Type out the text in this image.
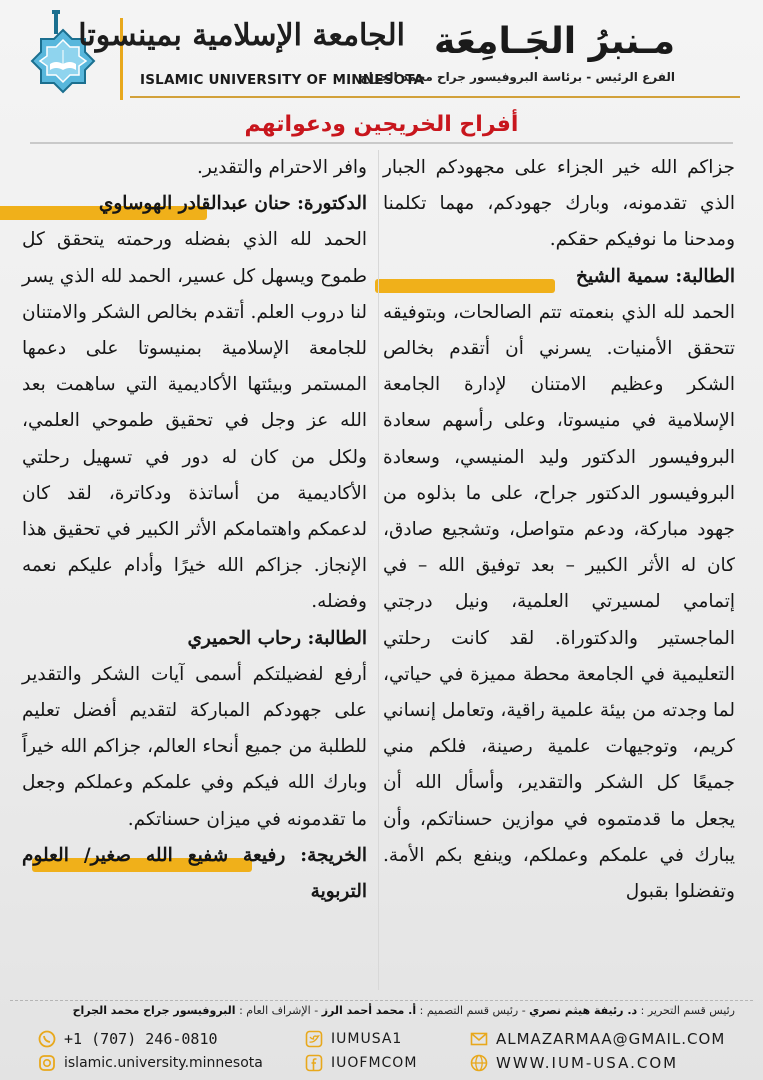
الجامعة الإسلامية بمينسوتا
ISLAMIC UNIVERSITY OF MINNESOTA
مـنبرُ الجَـامِعَة
الفرع الرئيس - برئاسة البروفيسور جراح محمد الجراح
أفراح الخريجين ودعواتهم

جزاكم الله خير الجزاء على مجهودكم الجبار الذي تقدمونه، وبارك جهودكم، مهما تكلمنا ومدحنا ما نوفيكم حقكم.

الطالبة: سمية الشيخ

الحمد لله الذي بنعمته تتم الصالحات، وبتوفيقه تتحقق الأمنيات. يسرني أن أتقدم بخالص الشكر وعظيم الامتنان لإدارة الجامعة الإسلامية في منيسوتا، وعلى رأسهم سعادة البروفيسور الدكتور وليد المنيسي، وسعادة البروفيسور الدكتور جراح، على ما بذلوه من جهود مباركة، ودعم متواصل، وتشجيع صادق، كان له الأثر الكبير – بعد توفيق الله – في إتمامي لمسيرتي العلمية، ونيل درجتي الماجستير والدكتوراة. لقد كانت رحلتي التعليمية في الجامعة محطة مميزة في حياتي، لما وجدته من بيئة علمية راقية، وتعامل إنساني كريم، وتوجيهات علمية رصينة، فلكم مني جميعًا كل الشكر والتقدير، وأسأل الله أن يجعل ما قدمتموه في موازين حسناتكم، وأن يبارك في علمكم وعملكم، وينفع بكم الأمة. وتفضلوا بقبول

وافر الاحترام والتقدير.

الدكتورة: حنان عبدالقادر الهوساوي

الحمد لله الذي بفضله ورحمته يتحقق كل طموح ويسهل كل عسير، الحمد لله الذي يسر لنا دروب العلم. أتقدم بخالص الشكر والامتنان للجامعة الإسلامية بمنيسوتا على دعمها المستمر وبيئتها الأكاديمية التي ساهمت بعد الله عز وجل في تحقيق طموحي العلمي، ولكل من كان له دور في تسهيل رحلتي الأكاديمية من أساتذة ودكاترة، لقد كان لدعمكم واهتمامكم الأثر الكبير في تحقيق هذا الإنجاز. جزاكم الله خيرًا وأدام عليكم نعمه وفضله.

الطالبة: رحاب الحميري

أرفع لفضيلتكم أسمى آيات الشكر والتقدير على جهودكم المباركة لتقديم أفضل تعليم للطلبة من جميع أنحاء العالم، جزاكم الله خيراً وبارك الله فيكم وفي علمكم وعملكم وجعل ما تقدمونه في ميزان حسناتكم.

الخريجة: رفيعة شفيع الله صغير/ العلوم التربوية
رئيس قسم التحرير : د. رئيفة هيثم نصري - رئيس قسم التصميم : أ. محمد أحمد الرز - الإشراف العام : البروفيسور جراح محمد الجراح
+1 (707) 246-0810
islamic.university.minnesota
IUMUSA1
IUOFMCOM
ALMAZARMAA@GMAIL.COM
WWW.IUM-USA.COM
